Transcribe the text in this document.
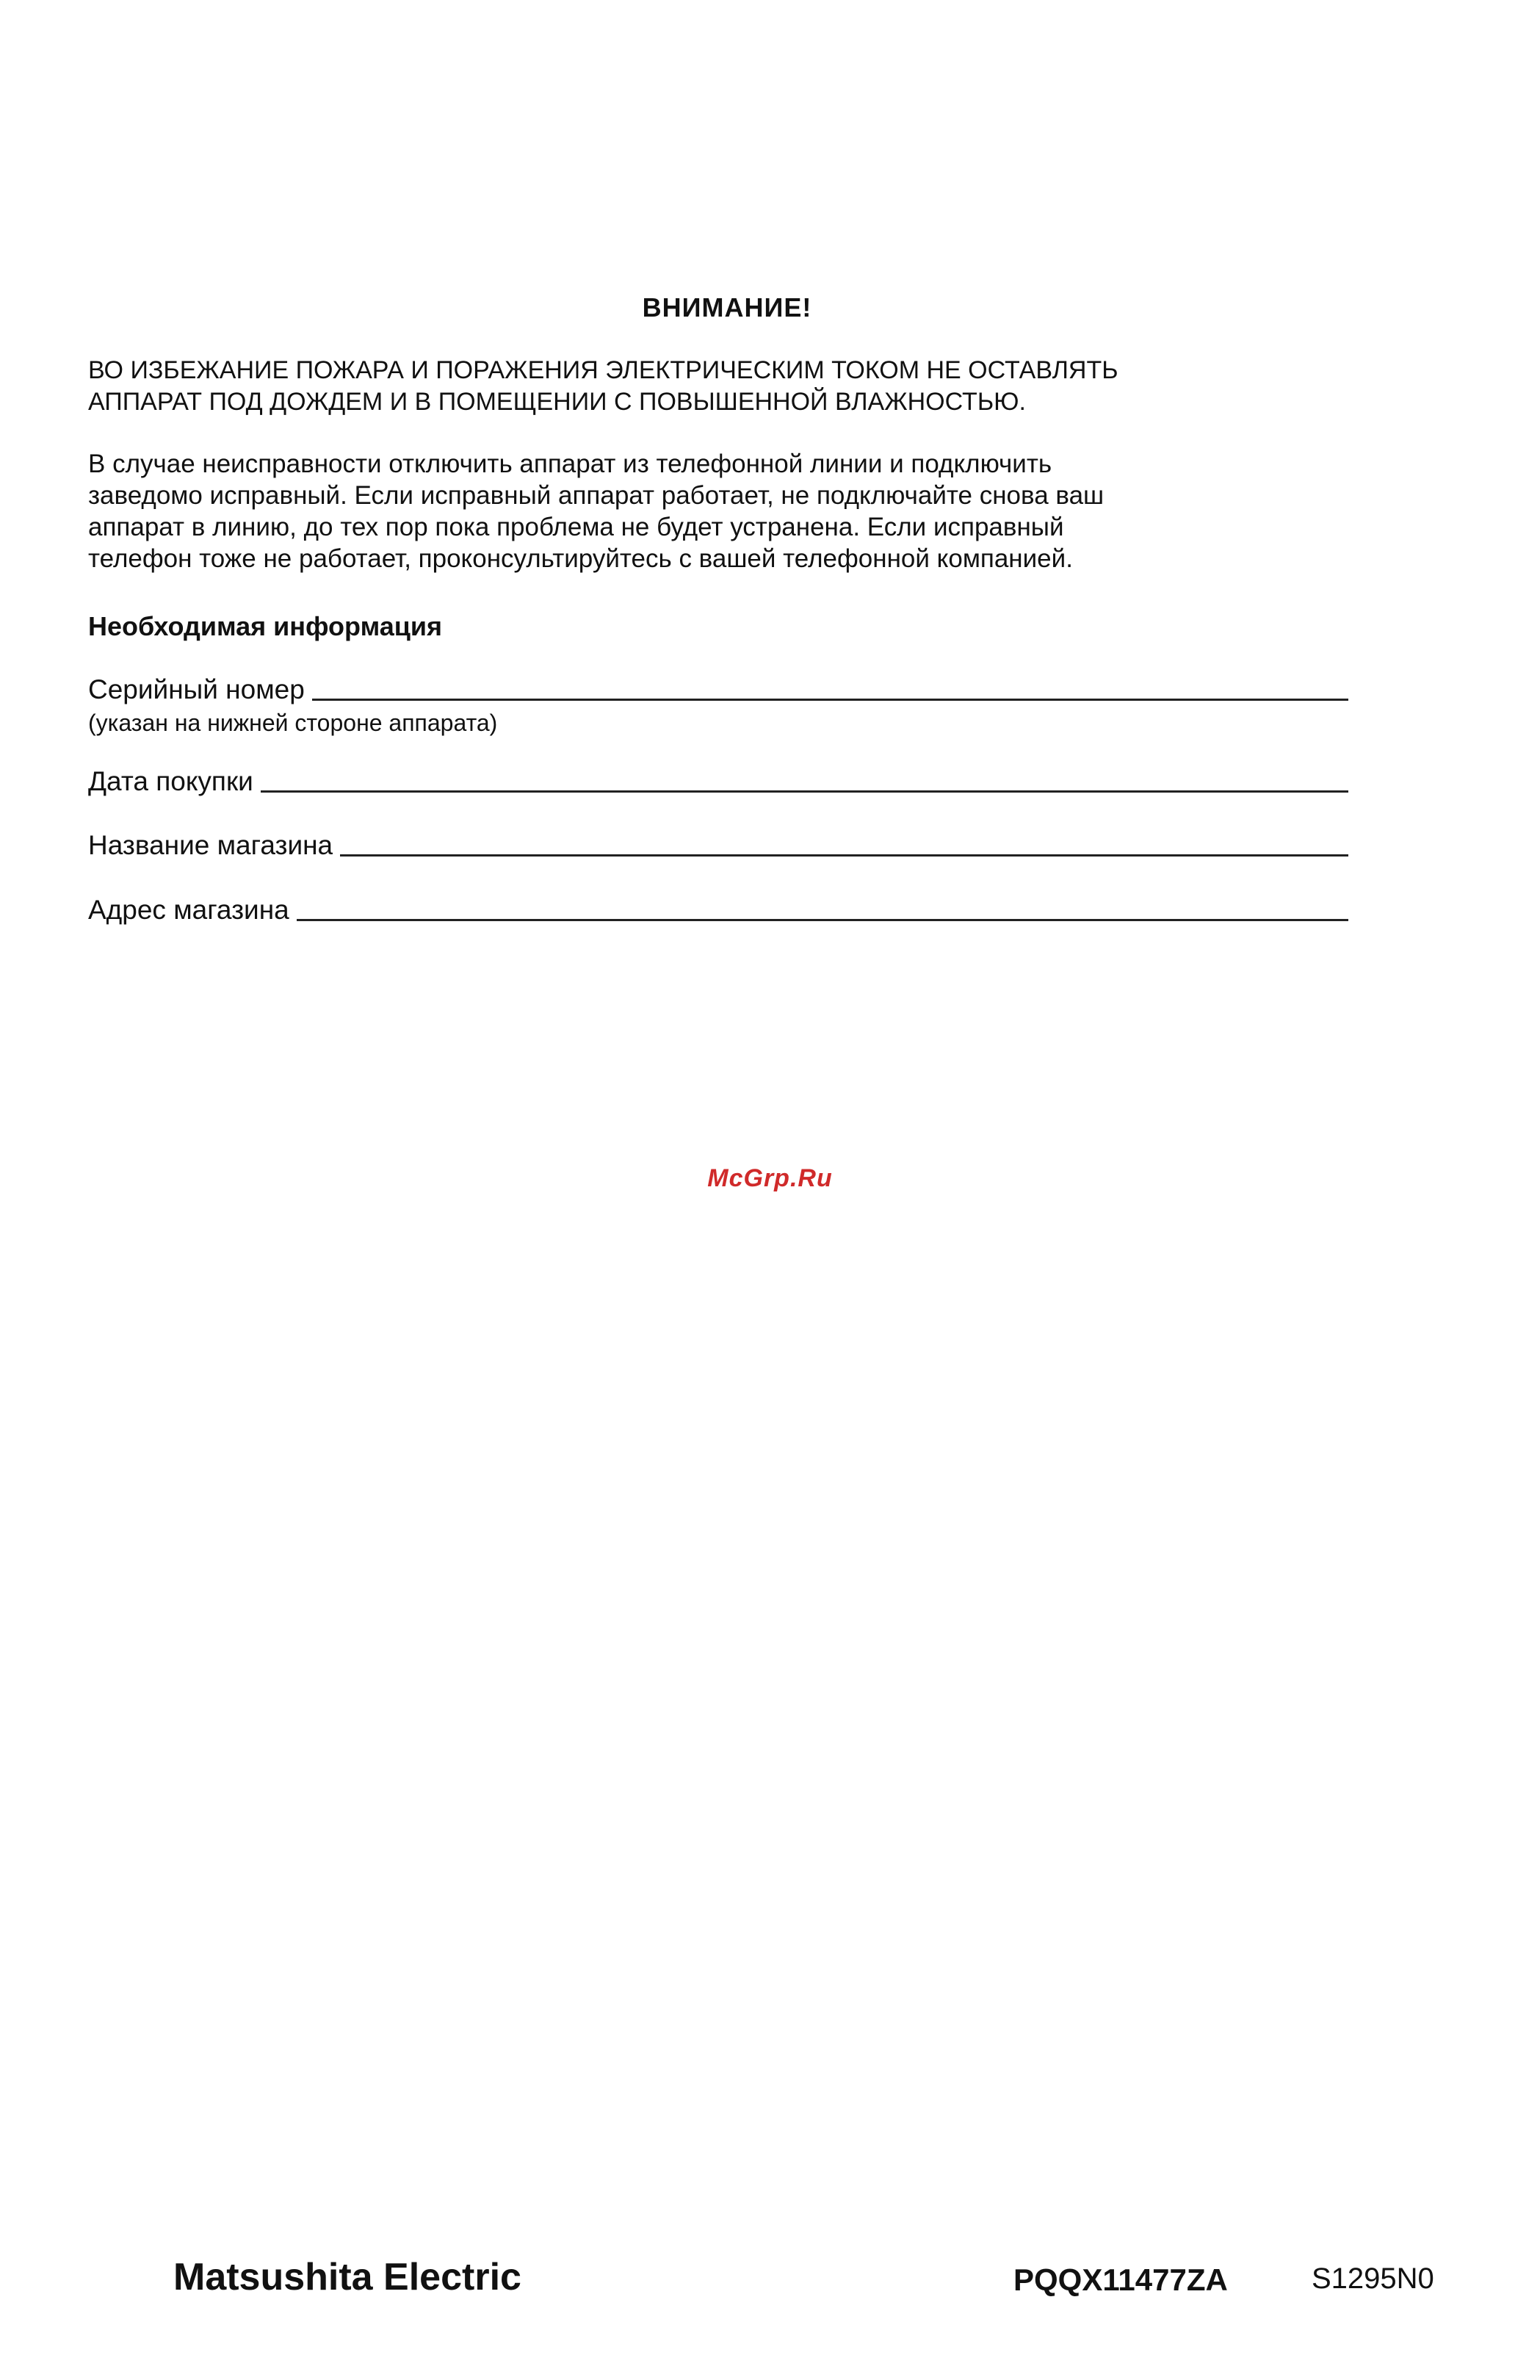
ВНИМАНИЕ!
ВО ИЗБЕЖАНИЕ ПОЖАРА И ПОРАЖЕНИЯ ЭЛЕКТРИЧЕСКИМ ТОКОМ НЕ ОСТАВЛЯТЬ
АППАРАТ ПОД ДОЖДЕМ И В ПОМЕЩЕНИИ С ПОВЫШЕННОЙ ВЛАЖНОСТЬЮ.
В случае неисправности отключить аппарат из телефонной линии и подключить
заведомо исправный. Если исправный аппарат работает, не подключайте снова ваш
аппарат в линию, до тех пор пока проблема не будет устранена. Если исправный
телефон тоже не работает, проконсультируйтесь с вашей телефонной компанией.
Необходимая информация
Серийный номер
(указан на нижней стороне аппарата)
Дата покупки
Название магазина
Адрес магазина
McGrp.Ru
Matsushita Electric	PQQX11477ZA	S1295N0
